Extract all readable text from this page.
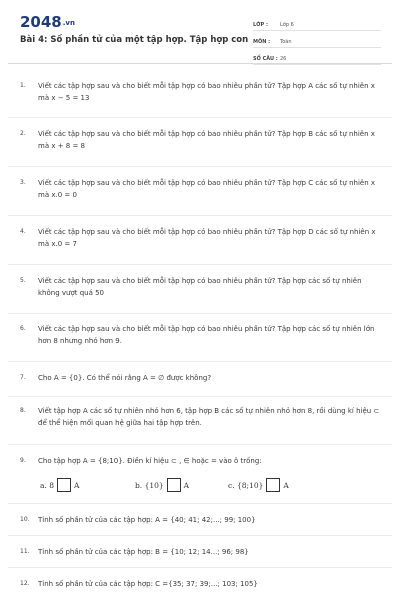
2048.vn
Bài 4: Số phần tử của một tập hợp. Tập hợp con
LỚP :	Lớp 6
MÔN :	Toán
SỐ CÂU : 26
1. Viết các tập hợp sau và cho biết mỗi tập hợp có bao nhiêu phần tử? Tập hợp A các số tự nhiên x mà x − 5 = 13
2. Viết các tập hợp sau và cho biết mỗi tập hợp có bao nhiêu phần tử? Tập hợp B các số tự nhiên x mà x + 8 = 8
3. Viết các tập hợp sau và cho biết mỗi tập hợp có bao nhiêu phần tử? Tập hợp C các số tự nhiên x mà x.0 = 0
4. Viết các tập hợp sau và cho biết mỗi tập hợp có bao nhiêu phần tử? Tập hợp D các số tự nhiên x mà x.0 = 7
5. Viết các tập hợp sau và cho biết mỗi tập hợp có bao nhiêu phần tử? Tập hợp các số tự nhiên không vượt quá 50
6. Viết các tập hợp sau và cho biết mỗi tập hợp có bao nhiêu phần tử? Tập hợp các số tự nhiên lớn hơn 8 nhưng nhỏ hơn 9.
7. Cho A = {0}. Có thể nói rằng A = ∅ được không?
8. Viết tập hợp A các số tự nhiên nhỏ hơn 6, tập hợp B các số tự nhiên nhỏ hơn 8, rồi dùng kí hiệu ⊂ để thể hiện mối quan hệ giữa hai tập hợp trên.
9. Cho tập hợp A = {8;10}. Điền kí hiệu ⊂ , ∈ hoặc = vào ô trống:
a.
8	A	b.
{10}	A	c.
{8;10}	A
10. Tính số phần tử của các tập hợp: A = {40; 41; 42;...; 99; 100}
11. Tính số phần tử của các tập hợp: B = {10; 12; 14...; 96; 98}
12. Tính số phần tử của các tập hợp: C ={35; 37; 39;...; 103; 105}
